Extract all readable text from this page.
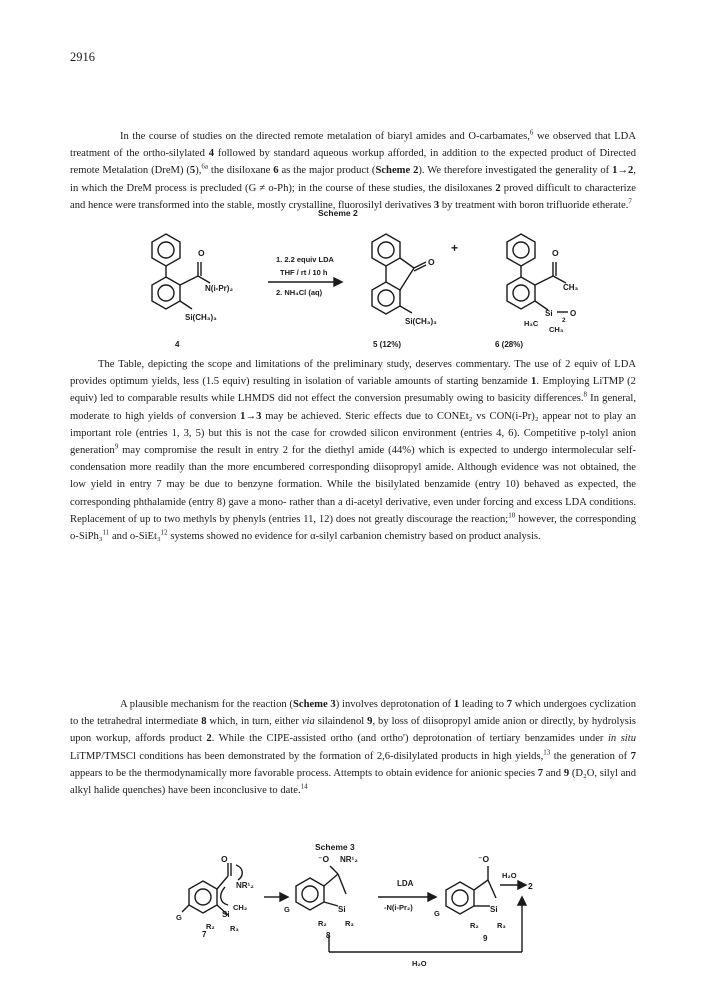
2916

In the course of studies on the directed remote metalation of biaryl amides and O-carbamates,$^6$ we observed that LDA treatment of the ortho-silylated 4 followed by standard aqueous workup afforded, in addition to the expected product of Directed remote Metalation (DreM) (5),$^{6a}$ the disiloxane 6 as the major product (Scheme 2). We therefore investigated the generality of 1→2, in which the DreM process is precluded (G ≠ o-Ph); in the course of these studies, the disiloxanes 2 proved difficult to characterize and hence were transformed into the stable, mostly crystalline, fluorosilyl derivatives 3 by treatment with boron trifluoride etherate.$^7$

Scheme 2
O
N(i-Pr)₂
Si(CH₃)₃
1. 2.2 equiv LDA
THF / rt / 10 h
2. NH₄Cl (aq)
O
Si(CH₃)₃
+	O
CH₃
Si O
2
H₃C
CH₃
4	5 (12%)	6 (28%)

The Table, depicting the scope and limitations of the preliminary study, deserves commentary. The use of 2 equiv of LDA provides optimum yields, less (1.5 equiv) resulting in isolation of variable amounts of starting benzamide 1. Employing LiTMP (2 equiv) led to comparable results while LHMDS did not effect the conversion presumably owing to basicity differences.$^8$ In general, moderate to high yields of conversion 1→3 may be achieved. Steric effects due to CONEt₂ vs CON(i-Pr)₂ appear not to play an important role (entries 1, 3, 5) but this is not the case for crowded silicon environment (entries 4, 6). Competitive p-tolyl anion generation$^9$ may compromise the result in entry 2 for the diethyl amide (44%) which is expected to undergo intermolecular self-condensation more readily than the more encumbered corresponding diisopropyl amide. Although evidence was not obtained, the low yield in entry 7 may be due to benzyne formation. While the bisilylated benzamide (entry 10) behaved as expected, the corresponding phthalamide (entry 8) gave a mono- rather than a di-acetyl derivative, even under forcing and excess LDA conditions. Replacement of up to two methyls by phenyls (entries 11, 12) does not greatly discourage the reaction;$^{10}$ however, the corresponding o-SiPh₃$^{11}$ and o-SiEt₃$^{12}$ systems showed no evidence for α-silyl carbanion chemistry based on product analysis.

A plausible mechanism for the reaction (Scheme 3) involves deprotonation of 1 leading to 7 which undergoes cyclization to the tetrahedral intermediate 8 which, in turn, either via silaindenol 9, by loss of diisopropyl amide anion or directly, by hydrolysis upon workup, affords product 2. While the CIPE-assisted ortho (and ortho') deprotonation of tertiary benzamides under in situ LiTMP/TMSCl conditions has been demonstrated by the formation of 2,6-disilylated products in high yields,$^{13}$ the generation of 7 appears to be the thermodynamically more favorable process. Attempts to obtain evidence for anionic species 7 and 9 (D₂O, silyl and alkyl halide quenches) have been inconclusive to date.$^{14}$

Scheme 3
O
NR¹₂
Si
CH₂
G
R₂ R₃
7
⁻O NR¹₂
Si
G
R₂ R₃
8
LDA
-N(i-Pr₂)
⁻O
Si
G
R₂ R₃
9
H₂O
2
H₂O
